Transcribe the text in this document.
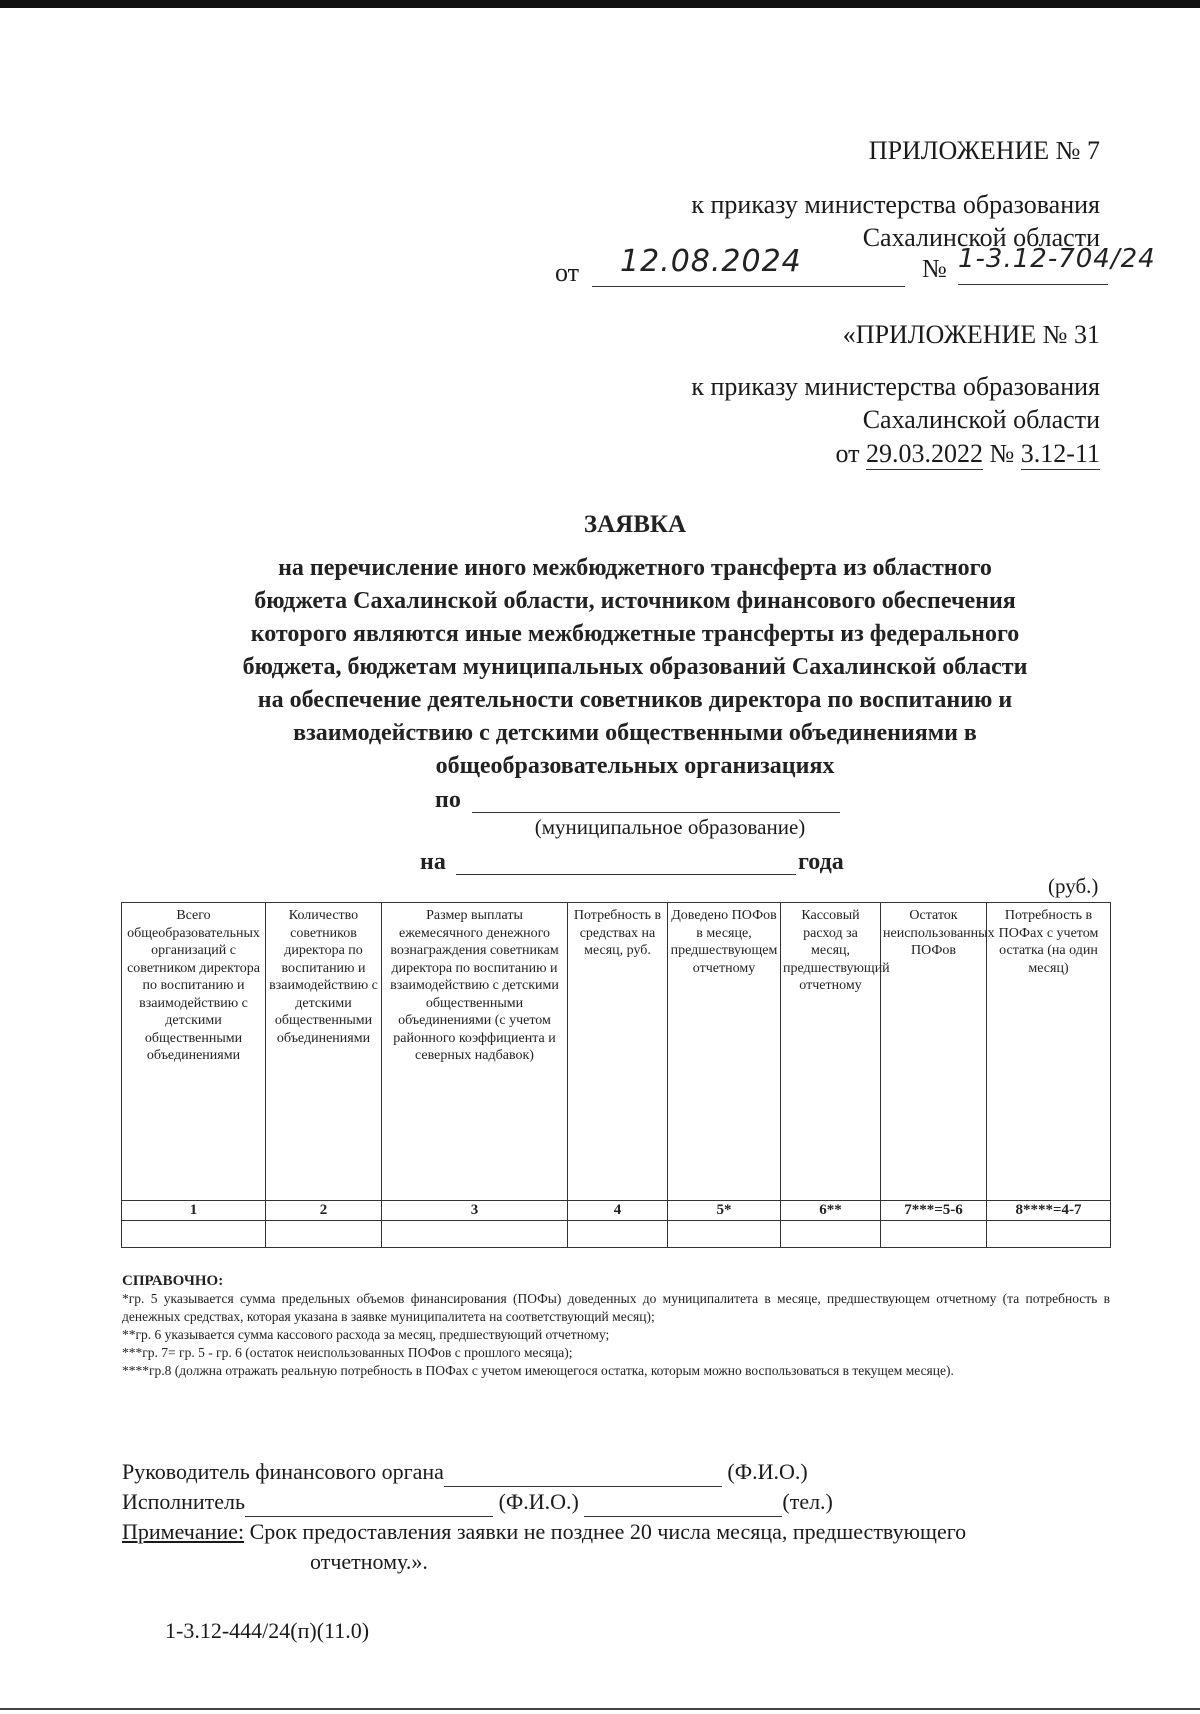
ПРИЛОЖЕНИЕ № 7
к приказу министерства образования
Сахалинской области
от 12.08.2024	№ 1-3.12-704/24
«ПРИЛОЖЕНИЕ № 31
к приказу министерства образования
Сахалинской области
от 29.03.2022 № 3.12-11
ЗАЯВКА
на перечисление иного межбюджетного трансферта из областного
бюджета Сахалинской области, источником финансового обеспечения
которого являются иные межбюджетные трансферты из федерального
бюджета, бюджетам муниципальных образований Сахалинской области
на обеспечение деятельности советников директора по воспитанию и
взаимодействию с детскими общественными объединениями в
общеобразовательных организациях
по
(муниципальное образование)
на	года
(руб.)
Всего общеобразовательных организаций с советником директора по воспитанию и взаимодействию с детскими общественными объединениями	Количество советников директора по воспитанию и взаимодействию с детскими общественными объединениями	Размер выплаты ежемесячного денежного вознаграждения советникам директора по воспитанию и взаимодействию с детскими общественными объединениями (с учетом районного коэффициента и северных надбавок)	Потребность в средствах на месяц, руб.	Доведено ПОФов в месяце, предшествующем отчетному	Кассовый расход за месяц, предшествующий отчетному	Остаток неиспользованных ПОФов	Потребность в ПОФах с учетом остатка (на один месяц)
1	2	3	4	5*	6**	7***=5-6	8****=4-7

СПРАВОЧНО:
*гр. 5 указывается сумма предельных объемов финансирования (ПОФы) доведенных до муниципалитета в месяце, предшествующем отчетному (та потребность в денежных средствах, которая указана в заявке муниципалитета на соответствующий месяц);
**гр. 6 указывается сумма кассового расхода за месяц, предшествующий отчетному;
***гр. 7= гр. 5 - гр. 6 (остаток неиспользованных ПОФов с прошлого месяца);
****гр.8 (должна отражать реальную потребность в ПОФах с учетом имеющегося остатка, которым можно воспользоваться в текущем месяце).
Руководитель финансового органа	(Ф.И.О.)
Исполнитель	(Ф.И.О.)	(тел.)
Примечание: Срок предоставления заявки не позднее 20 числа месяца, предшествующего
отчетному.».
1-3.12-444/24(п)(11.0)
